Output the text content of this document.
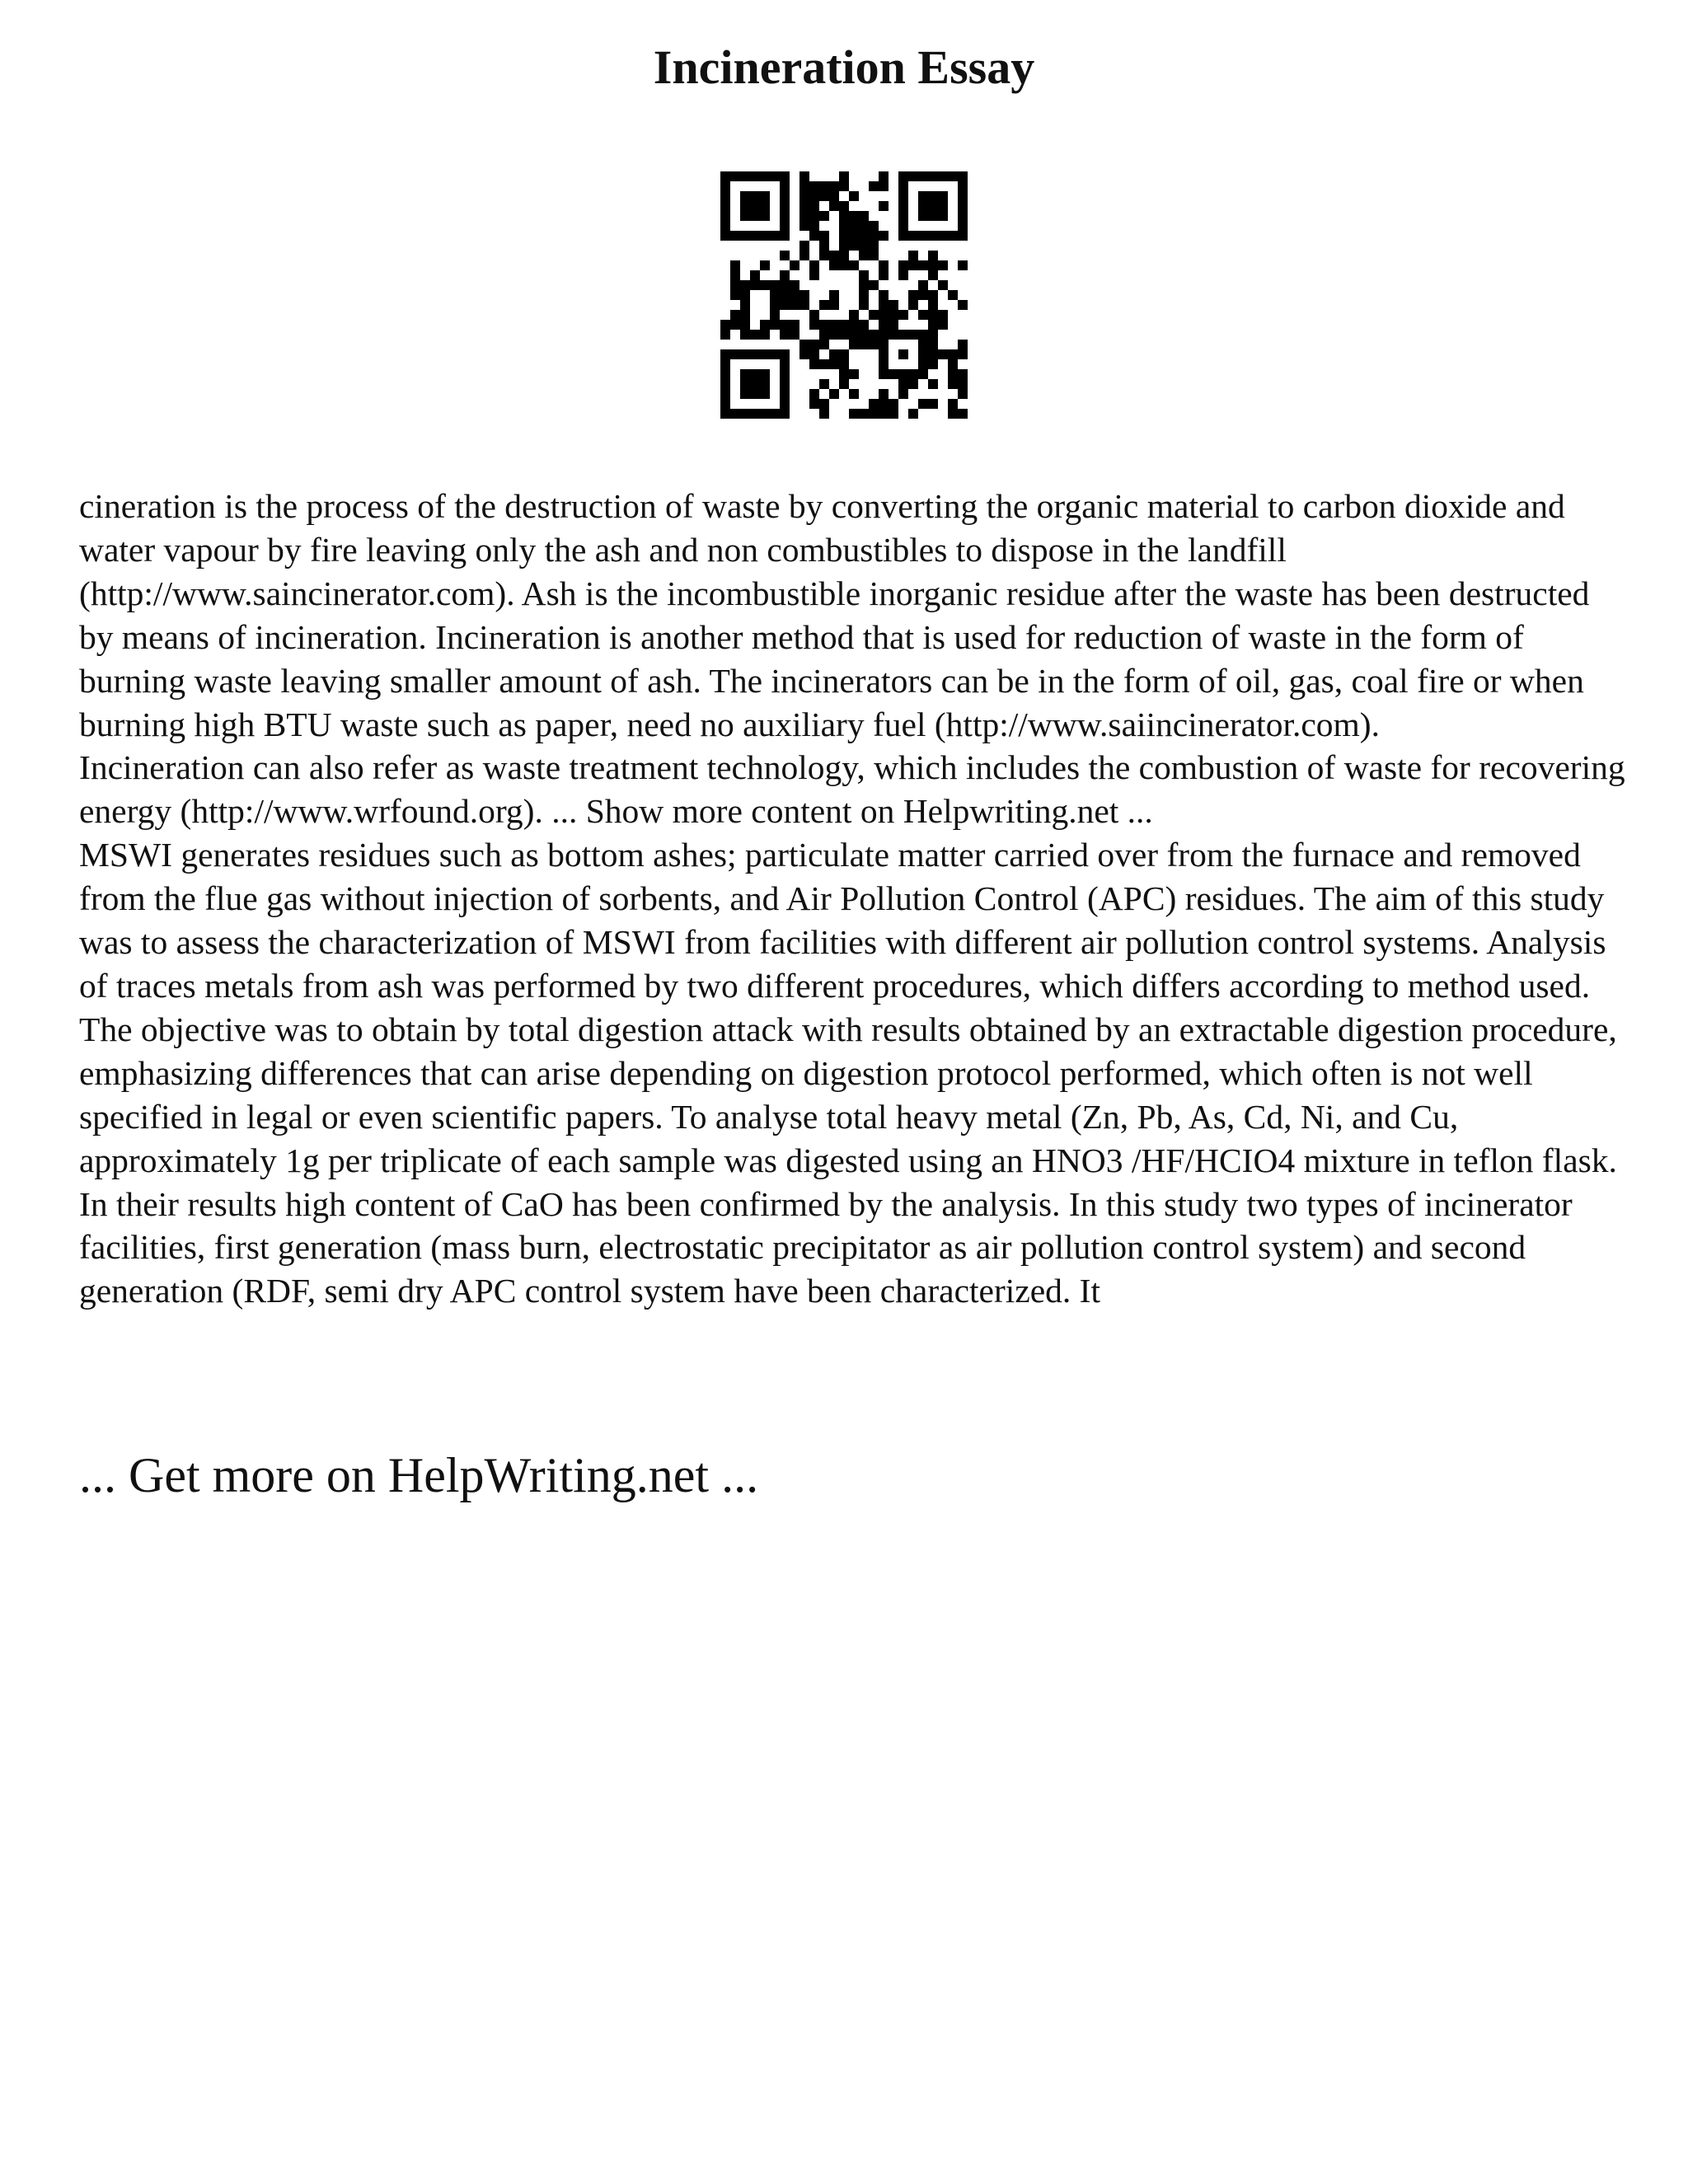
Incineration Essay

cineration is the process of the destruction of waste by converting the organic material to carbon dioxide and water vapour by fire leaving only the ash and non combustibles to dispose in the landfill (http://www.saincinerator.com). Ash is the incombustible inorganic residue after the waste has been destructed by means of incineration. Incineration is another method that is used for reduction of waste in the form of burning waste leaving smaller amount of ash. The incinerators can be in the form of oil, gas, coal fire or when burning high BTU waste such as paper, need no auxiliary fuel (http://www.saiincinerator.com).

Incineration can also refer as waste treatment technology, which includes the combustion of waste for recovering energy (http://www.wrfound.org). ... Show more content on Helpwriting.net ...

MSWI generates residues such as bottom ashes; particulate matter carried over from the furnace and removed from the flue gas without injection of sorbents, and Air Pollution Control (APC) residues. The aim of this study was to assess the characterization of MSWI from facilities with different air pollution control systems. Analysis of traces metals from ash was performed by two different procedures, which differs according to method used. The objective was to obtain by total digestion attack with results obtained by an extractable digestion procedure, emphasizing differences that can arise depending on digestion protocol performed, which often is not well specified in legal or even scientific papers. To analyse total heavy metal (Zn, Pb, As, Cd, Ni, and Cu, approximately 1g per triplicate of each sample was digested using an HNO3 /HF/HCIO4 mixture in teflon flask.

In their results high content of CaO has been confirmed by the analysis. In this study two types of incinerator facilities, first generation (mass burn, electrostatic precipitator as air pollution control system) and second generation (RDF, semi dry APC control system have been characterized. It

... Get more on HelpWriting.net ...
